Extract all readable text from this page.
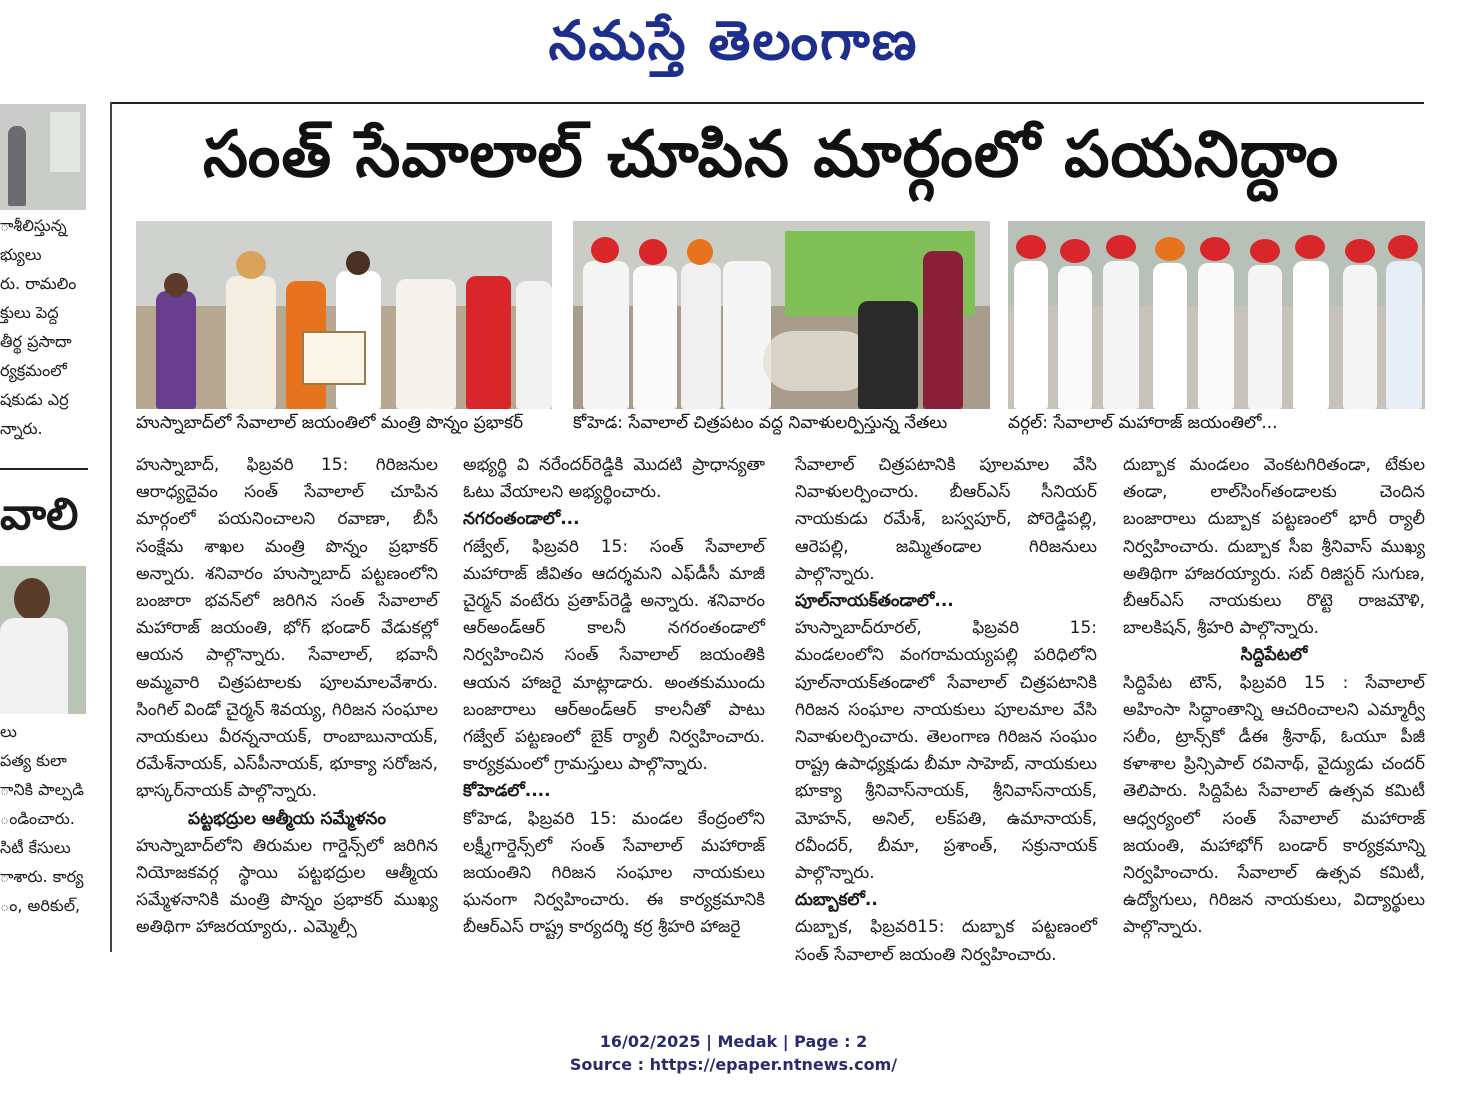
నమస్తే తెలంగాణ
ాశీలిస్తున్న
భ్యులు
రు. రామలిం
క్తులు పెద్ద
తీర్థ ప్రసాదా
ర్యక్రమంలో
షకుడు ఎర్ర
న్నారు.
వాలి
లు
పత్య కులా
ానికి పాల్పడి
ండించారు.
సిటీ కేసులు
ాశారు. కార్య
ం, అరికుల్,
సంత్ సేవాలాల్ చూపిన మార్గంలో పయనిద్దాం
హుస్నాబాద్‌లో సేవాలాల్ జయంతిలో మంత్రి పొన్నం ప్రభాకర్	కోహెడ: సేవాలాల్ చిత్రపటం వద్ద నివాళులర్పిస్తున్న నేతలు	వర్గల్: సేవాలాల్ మహారాజ్ జయంతిలో...

హుస్నాబాద్, ఫిబ్రవరి 15: గిరిజనుల ఆరాధ్యదైవం సంత్ సేవాలాల్ చూపిన మార్గంలో పయనించాలని రవాణా, బీసీ సంక్షేమ శాఖల మంత్రి పొన్నం ప్రభాకర్ అన్నారు. శనివారం హుస్నాబాద్ పట్టణంలోని బంజారా భవన్‌లో జరిగిన సంత్ సేవాలాల్ మహారాజ్ జయంతి, భోగ్ భండార్ వేడుకల్లో ఆయన పాల్గొన్నారు. సేవాలాల్, భవానీ అమ్మవారి చిత్రపటాలకు పూలమాలవేశారు. సింగిల్ విండో చైర్మన్ శివయ్య, గిరిజన సంఘాల నాయకులు వీరన్ననాయక్, రాంబాబునాయక్, రమేశ్‌నాయక్, ఎస్‌పీనాయక్, భూక్యా సరోజన, భాస్కర్‌నాయక్ పాల్గొన్నారు.

పట్టభద్రుల ఆత్మీయ సమ్మేళనం

హుస్నాబాద్‌లోని తిరుమల గార్డెన్స్‌లో జరిగిన నియోజకవర్గ స్థాయి పట్టభద్రుల ఆత్మీయ సమ్మేళనానికి మంత్రి పొన్నం ప్రభాకర్ ముఖ్య అతిథిగా హాజరయ్యారు,. ఎమ్మెల్సీ

అభ్యర్థి వి నరేందర్‌రెడ్డికి మొదటి ప్రాధాన్యతా ఓటు వేయాలని అభ్యర్థించారు.

నగరంతండాలో...

గజ్వేల్, ఫిబ్రవరి 15: సంత్ సేవాలాల్ మహారాజ్ జీవితం ఆదర్శమని ఎఫ్‌డీసీ మాజీ చైర్మన్ వంటేరు ప్రతాప్‌రెడ్డి అన్నారు. శనివారం ఆర్‌అండ్‌ఆర్ కాలనీ నగరంతండాలో నిర్వహించిన సంత్ సేవాలాల్ జయంతికి ఆయన హాజరై మాట్లాడారు. అంతకుముందు బంజారాలు ఆర్‌అండ్‌ఆర్ కాలనీతో పాటు గజ్వేల్ పట్టణంలో బైక్ ర్యాలీ నిర్వహించారు. కార్యక్రమంలో గ్రామస్తులు పాల్గొన్నారు.

కోహెడలో....

కోహెడ, ఫిబ్రవరి 15: మండల కేంద్రంలోని లక్ష్మీగార్డెన్స్‌లో సంత్ సేవాలాల్ మహారాజ్ జయంతిని గిరిజన సంఘాల నాయకులు ఘనంగా నిర్వహించారు. ఈ కార్యక్రమానికి బీఆర్‌ఎస్ రాష్ట్ర కార్యదర్శి కర్ర శ్రీహరి హాజరై

సేవాలాల్ చిత్రపటానికి పూలమాల వేసి నివాళులర్పించారు. బీఆర్‌ఎస్ సీనియర్ నాయకుడు రమేశ్, బస్వపూర్, పోరెడ్డిపల్లి, ఆరెపల్లి, జమ్మితండాల గిరిజనులు పాల్గొన్నారు.

పూల్‌నాయక్‌తండాలో...

హుస్నాబాద్‌రూరల్, ఫిబ్రవరి 15: మండలంలోని వంగరామయ్యపల్లి పరిధిలోని పూల్‌నాయక్‌తండాలో సేవాలాల్ చిత్రపటానికి గిరిజన సంఘాల నాయకులు పూలమాల వేసి నివాళులర్పించారు. తెలంగాణ గిరిజన సంఘం రాష్ట్ర ఉపాధ్యక్షుడు బీమా సాహెబ్, నాయకులు భూక్యా శ్రీనివాస్‌నాయక్, శ్రీనివాస్‌నాయక్, మోహన్, అనిల్, లక్‌పతి, ఉమానాయక్, రవీందర్, బీమా, ప్రశాంత్, సక్రునాయక్ పాల్గొన్నారు.

దుబ్బాకలో..

దుబ్బాక, ఫిబ్రవరి15: దుబ్బాక పట్టణంలో సంత్ సేవాలాల్ జయంతి నిర్వహించారు.

దుబ్బాక మండలం వెంకటగిరితండా, టేకుల తండా, లాల్‌సింగ్‌తండాలకు చెందిన బంజారాలు దుబ్బాక పట్టణంలో భారీ ర్యాలీ నిర్వహించారు. దుబ్బాక సీఐ శ్రీనివాస్ ముఖ్య అతిథిగా హాజరయ్యారు. సబ్ రిజిస్టర్ సుగుణ, బీఆర్‌ఎస్ నాయకులు రొట్టె రాజమౌళి, బాలకిషన్, శ్రీహరి పాల్గొన్నారు.

సిద్దిపేటలో

సిద్దిపేట టౌన్, ఫిబ్రవరి 15 : సేవాలాల్ అహింసా సిద్ధాంతాన్ని ఆచరించాలని ఎమ్మార్వీ సలీం, ట్రాన్స్‌కో డీఈ శ్రీనాథ్, ఓయూ పీజీ కళాశాల ప్రిన్సిపాల్ రవినాథ్, వైద్యుడు చందర్ తెలిపారు. సిద్దిపేట సేవాలాల్ ఉత్సవ కమిటీ ఆధ్వర్యంలో సంత్ సేవాలాల్ మహారాజ్ జయంతి, మహాభోగ్ బండార్ కార్యక్రమాన్ని నిర్వహించారు. సేవాలాల్ ఉత్సవ కమిటీ, ఉద్యోగులు, గిరిజన నాయకులు, విద్యార్థులు పాల్గొన్నారు.

16/02/2025 | Medak | Page : 2
Source : https://epaper.ntnews.com/
